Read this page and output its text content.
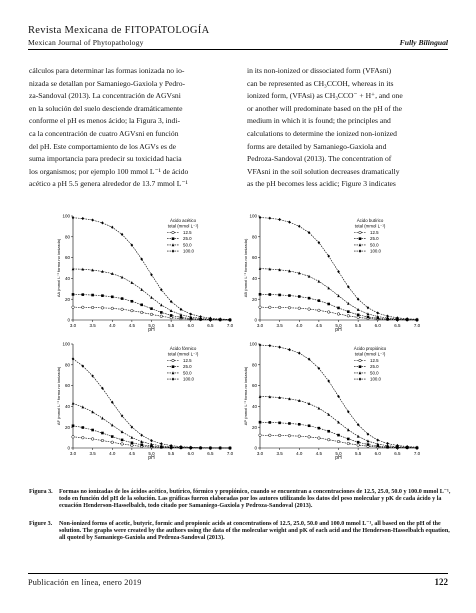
Revista Mexicana de FITOPATOLOGÍA
Mexican Journal of Phytopathology	Fully Bilingual

cálculos para determinar las formas ionizada no io-

nizada se detallan por Samaniego-Gaxiola y Pedro-

za-Sandoval (2013). La concentración de AGVsni

en la solución del suelo desciende dramáticamente

conforme el pH es menos ácido; la Figura 3, indi-

ca la concentración de cuatro AGVsni en función

del pH. Este comportamiento de los AGVs es de

suma importancia para predecir su toxicidad hacia

los organismos; por ejemplo 100 mmol L⁻¹ de ácido

acético a pH 5.5 genera alrededor de 13.7 mmol L⁻¹

in its non-ionized or dissociated form (VFAsni)

can be represented as CH₃CCOH, whereas in its

ionized form, (VFAsi) as CH₃CCO⁻ + H⁺, and one

or another will predominate based on the pH of the

medium in which it is found; the principles and

calculations to determine the ionized non-ionized

forms are detailed by Samaniego-Gaxiola and

Pedroza-Sandoval (2013). The concentration of

VFAsni in the soil solution decreases dramatically

as the pH becomes less acidic; Figure 3 indicates

0
20
40
60
80
100
3.0	3.5	4.0	4.5	5.0	5.5	6.0	6.5	7.0
pH
AA (mmol L⁻¹ forma no ionizada)
Ácido acético
total (mmol L⁻¹)
12.5
25.0
50.0
100.0
0
20
40
60
80
100
3.0	3.5	4.0	4.5	5.0	5.5	6.0	6.5	7.0
pH
AB (mmol L⁻¹ forma no ionizada)
Ácido butírico
total (mmol L⁻¹)
12.5
25.0
50.0
100.0
0
20
40
60
80
100
3.0	3.5	4.0	4.5	5.0	5.5	6.0	6.5	7.0
pH
AF (mmol L⁻¹ forma no ionizada)
Ácido fórmico
total (mmol L⁻¹)
12.5
25.0
50.0
100.0
0
20
40
60
80
100
3.0	3.5	4.0	4.5	5.0	5.5	6.0	6.5	7.0
pH
AP (mmol L⁻¹ forma no ionizada)
Ácido propiónico
total (mmol L⁻¹)
12.5
25.0
50.0
100.0
Figura 3. Formas no ionizadas de los ácidos acético, butírico, fórmico y propiónico, cuando se encuentran a concentraciones de 12.5, 25.0, 50.0 y 100.0 mmol L⁻¹, todo en función del pH de la solución. Las gráficas fueron elaboradas por los autores utilizando los datos del peso molecular y pK de cada ácido y la ecuación Henderson-Hasselbalch, todo citado por Samaniego-Gaxiola y Pedroza-Sandoval (2013).
Figure 3. Non-ionized forms of acetic, butyric, formic and propionic acids at concentrations of 12.5, 25.0, 50.0 and 100.0 mmol L⁻¹, all based on the pH of the solution. The graphs were created by the authors using the data of the molecular weight and pK of each acid and the Henderson-Hasselbalch equation, all quoted by Samaniego-Gaxiola and Pedroza-Sandoval (2013).
Publicación en línea, enero 2019	122
